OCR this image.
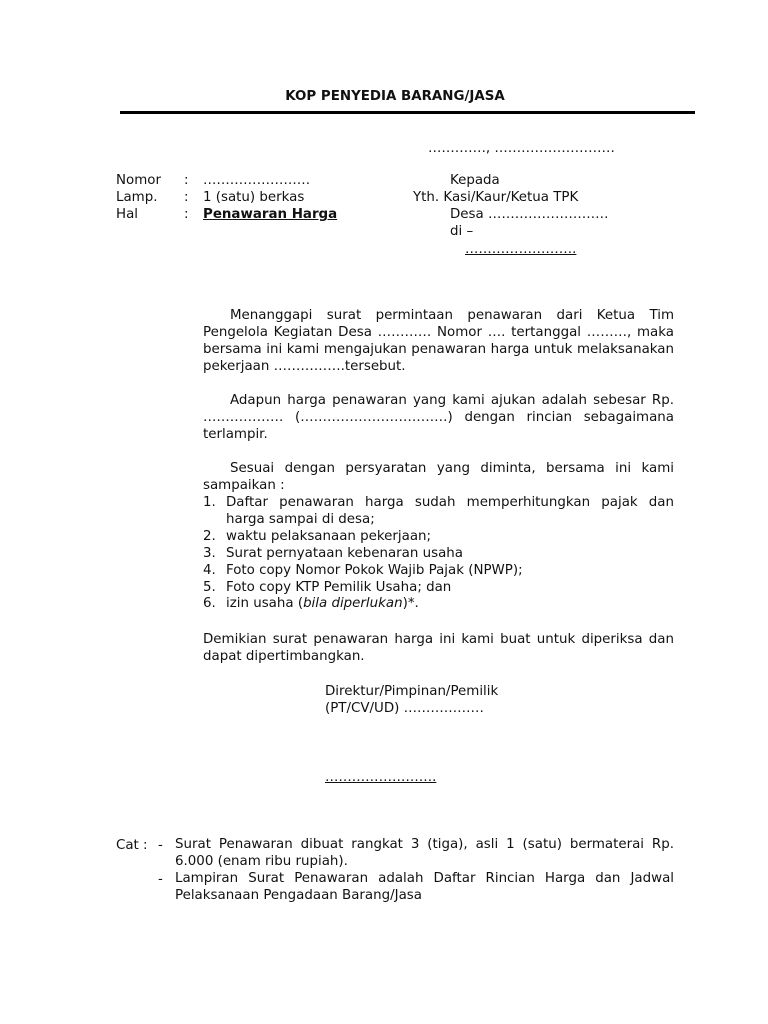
KOP PENYEDIA BARANG/JASA
…………., ………………………
Nomor : ……………………
Lamp. : 1 (satu) berkas
Hal	: Penawaran Harga
Kepada
Yth. Kasi/Kaur/Ketua TPK
Desa ………………………
di –
…………………….
Menanggapi surat permintaan penawaran dari Ketua Tim Pengelola Kegiatan Desa ………… Nomor …. tertanggal ………, maka bersama ini kami mengajukan penawaran harga untuk melaksanakan pekerjaan …………….tersebut.
Adapun harga penawaran yang kami ajukan adalah sebesar Rp. ……………… (……………………………) dengan rincian sebagaimana terlampir.
Sesuai dengan persyaratan yang diminta, bersama ini kami sampaikan :
1. Daftar penawaran harga sudah memperhitungkan pajak dan harga sampai di desa;
2. waktu pelaksanaan pekerjaan;
3. Surat pernyataan kebenaran usaha
4. Foto copy Nomor Pokok Wajib Pajak (NPWP);
5. Foto copy KTP Pemilik Usaha; dan
6. izin usaha (bila diperlukan)*.
Demikian surat penawaran harga ini kami buat untuk diperiksa dan dapat dipertimbangkan.
Direktur/Pimpinan/Pemilik
(PT/CV/UD) ………………
…………………….
Cat : - Surat Penawaran dibuat rangkat 3 (tiga), asli 1 (satu) bermaterai Rp. 6.000 (enam ribu rupiah).
- Lampiran Surat Penawaran adalah Daftar Rincian Harga dan Jadwal Pelaksanaan Pengadaan Barang/Jasa
